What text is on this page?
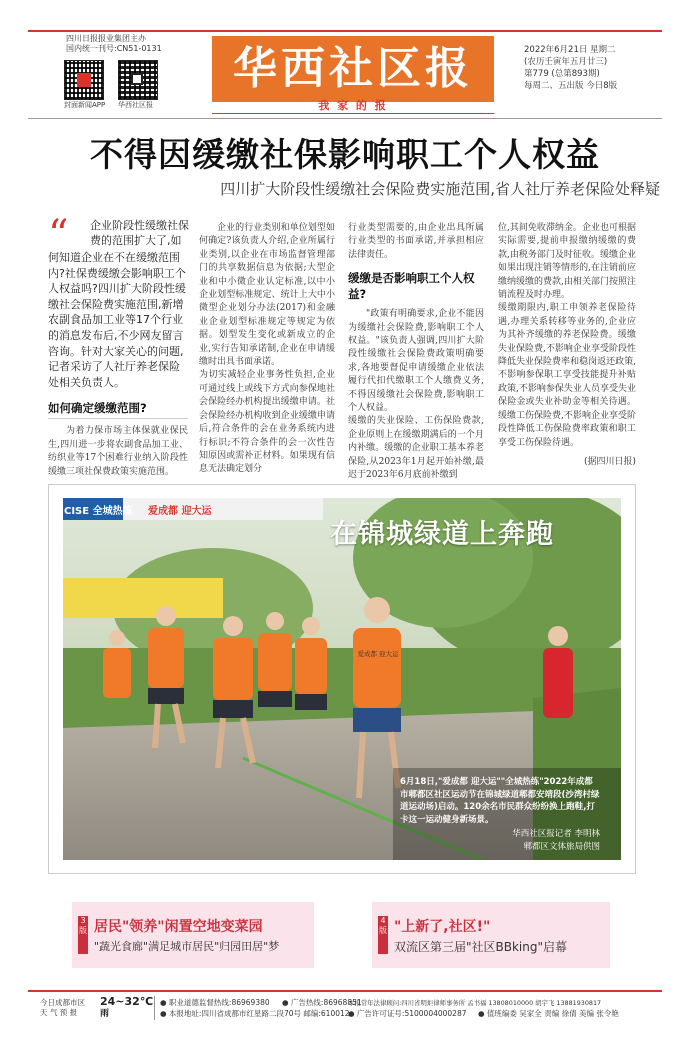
四川日报报业集团主办
国内统一刊号:CN51-0131
封面新闻APP 华西社区报
华西社区报
我 家 的 报
2022年6月21日 星期二
(农历壬寅年五月廿三)
第779 (总第893期)
每周二、五出版 今日8版
不得因缓缴社保影响职工个人权益
四川扩大阶段性缓缴社会保险费实施范围,省人社厅养老保险处释疑
“ 企业阶段性缓缴社保
费的范围扩大了,如
何知道企业在不在缓缴范围内?社保费缓缴会影响职工个人权益吗?四川扩大阶段性缓缴社会保险费实施范围,新增农副食品加工业等17个行业的消息发布后,不少网友留言咨询。针对大家关心的问题,记者采访了人社厅养老保险处相关负责人。
如何确定缓缴范围?
为着力保市场主体保就业保民生,四川进一步将农副食品加工业、纺织业等17个困难行业纳入阶段性缓缴三项社保费政策实施范围。
企业的行业类别和单位划型如何确定?该负责人介绍,企业所属行业类别,以企业在市场监督管理部门的共享数据信息为依据;大型企业和中小微企业认定标准,以中小企业划型标准规定、统计上大中小微型企业划分办法(2017)和金融业企业划型标准规定等规定为依据。划型发生变化或新成立的企业,实行告知承诺制,企业在申请缓缴时出具书面承诺。
为切实减轻企业事务性负担,企业可通过线上或线下方式向参保地社会保险经办机构提出缓缴申请。社会保险经办机构收到企业缓缴申请后,符合条件的会在业务系统内进行标识;不符合条件的会一次性告知原因或需补正材料。如果现有信息无法确定划分
行业类型需要的,由企业出具所属行业类型的书面承诺,并承担相应法律责任。
缓缴是否影响职工个人权益?
"政策有明确要求,企业不能因为缓缴社会保险费,影响职工个人权益。"该负责人强调,四川扩大阶段性缓缴社会保险费政策明确要求,各地要督促申请缓缴企业依法履行代扣代缴职工个人缴费义务,不得因缓缴社会保险费,影响职工个人权益。
缓缴的失业保险、工伤保险费款,企业原则上在缓缴期满后的一个月内补缴。缓缴的企业职工基本养老保险,从2023年1月起开始补缴,最迟于2023年6月底前补缴到
位,其间免收滞纳金。企业也可根据实际需要,提前申报缴纳缓缴的费款,由税务部门及时征收。缓缴企业如果出现注销等情形的,在注销前应缴纳缓缴的费款,由相关部门按照注销流程及时办理。
缓缴期限内,职工申领养老保险待遇,办理关系转移等业务的,企业应为其补齐缓缴的养老保险费。缓缴失业保险费,不影响企业享受阶段性降低失业保险费率和稳岗返还政策,不影响参保职工享受技能提升补贴政策,不影响参保失业人员享受失业保险金或失业补助金等相关待遇。缓缴工伤保险费,不影响企业享受阶段性降低工伤保险费率政策和职工享受工伤保险待遇。
(据四川日报)
CISE 全城热练	爱成都 迎大运
爱成都 迎大运
在锦城绿道上奔跑
6月18日,"爱成都 迎大运""全城热练"2022年成都市郫都区社区运动节在锦城绿道郫都安靖段(沙湾村绿道运动场)启动。120余名市民群众纷纷换上跑鞋,打卡这一运动健身新场景。
华西社区报记者 李明林
郫都区文体旅局供图
3版 居民"领养"闲置空地变菜园
"蔬光食廊"满足城市居民"归园田居"梦
4版 "上新了,社区!"
双流区第三届"社区BBking"启幕
今日成都市区
天 气 预 报
24~32℃
雨
● 职业道德监督热线:86969380 ● 广告热线:86968851
● 本报地址:四川省成都市红星路二段70号 邮编:610012
本报常年法律顾问:四川省明炬律师事务所 孟书福 13808010000 胡宇飞 13881930817
● 广告许可证号:5100004000287 ● 值班编委 吴家全 责编 徐倩 美编 张令艳
